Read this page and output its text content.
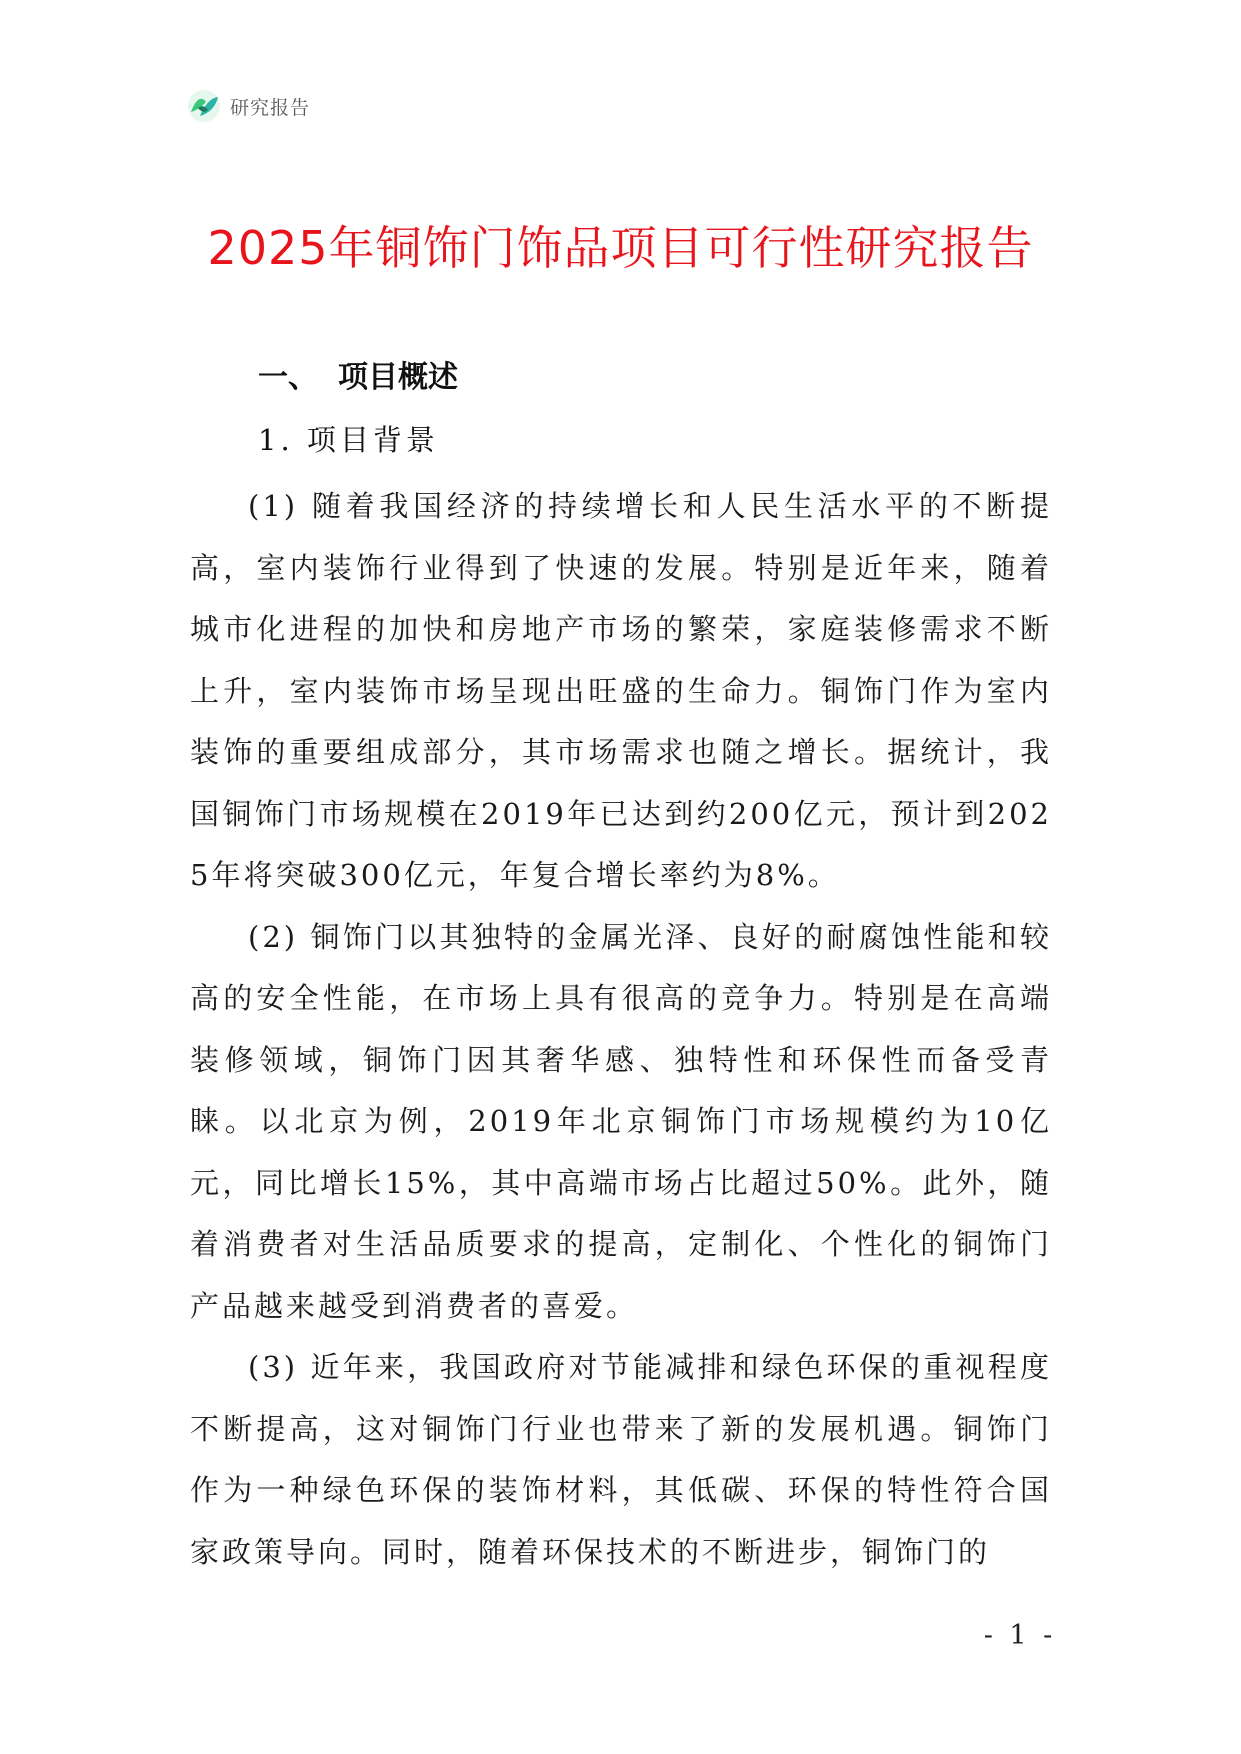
研究报告
2025年铜饰门饰品项目可行性研究报告
一、 项目概述
1. 项目背景

(1) 随着我国经济的持续增长和人民生活水平的不断提高，室内装饰行业得到了快速的发展。特别是近年来，随着城市化进程的加快和房地产市场的繁荣，家庭装修需求不断上升，室内装饰市场呈现出旺盛的生命力。铜饰门作为室内装饰的重要组成部分，其市场需求也随之增长。据统计，我国铜饰门市场规模在2019年已达到约200亿元，预计到2025年将突破300亿元，年复合增长率约为8%。

(2) 铜饰门以其独特的金属光泽、良好的耐腐蚀性能和较高的安全性能，在市场上具有很高的竞争力。特别是在高端装修领域，铜饰门因其奢华感、独特性和环保性而备受青睐。以北京为例，2019年北京铜饰门市场规模约为10亿元，同比增长15%，其中高端市场占比超过50%。此外，随着消费者对生活品质要求的提高，定制化、个性化的铜饰门产品越来越受到消费者的喜爱。

(3) 近年来，我国政府对节能减排和绿色环保的重视程度不断提高，这对铜饰门行业也带来了新的发展机遇。铜饰门作为一种绿色环保的装饰材料，其低碳、环保的特性符合国家政策导向。同时，随着环保技术的不断进步，铜饰门的

- 1 -
